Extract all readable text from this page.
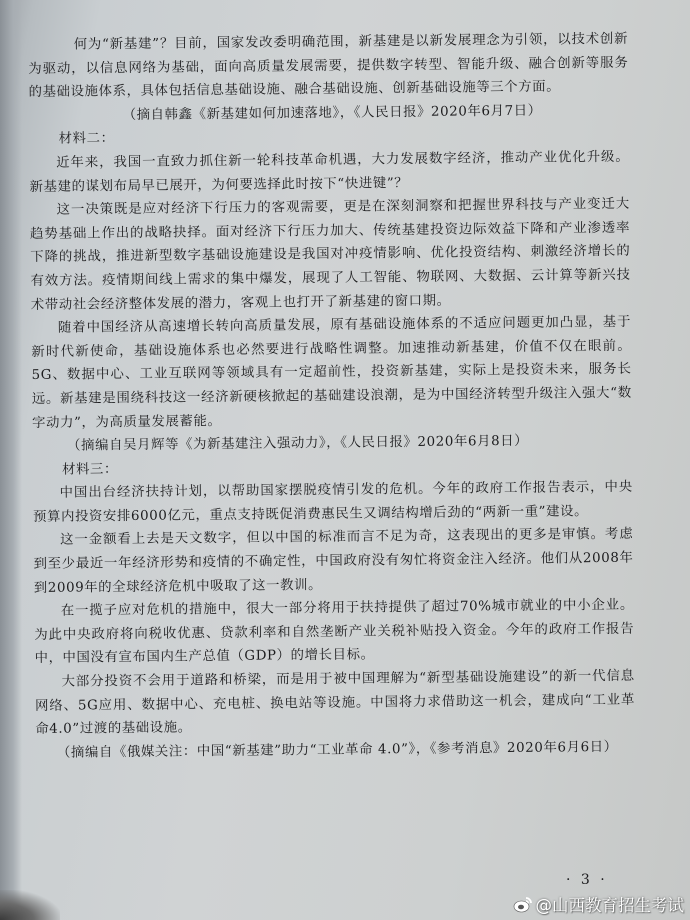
何为“新基建”？目前，国家发改委明确范围，新基建是以新发展理念为引领，以技术创新为驱动，以信息网络为基础，面向高质量发展需要，提供数字转型、智能升级、融合创新等服务的基础设施体系，具体包括信息基础设施、融合基础设施、创新基础设施等三个方面。

（摘自韩鑫《新基建如何加速落地》，《人民日报》2020年6月7日）

材料二：

近年来，我国一直致力抓住新一轮科技革命机遇，大力发展数字经济，推动产业优化升级。新基建的谋划布局早已展开，为何要选择此时按下“快进键”？

这一决策既是应对经济下行压力的客观需要，更是在深刻洞察和把握世界科技与产业变迁大趋势基础上作出的战略抉择。面对经济下行压力加大、传统基建投资边际效益下降和产业渗透率下降的挑战，推进新型数字基础设施建设是我国对冲疫情影响、优化投资结构、刺激经济增长的有效方法。疫情期间线上需求的集中爆发，展现了人工智能、物联网、大数据、云计算等新兴技术带动社会经济整体发展的潜力，客观上也打开了新基建的窗口期。

随着中国经济从高速增长转向高质量发展，原有基础设施体系的不适应问题更加凸显，基于新时代新使命，基础设施体系也必然要进行战略性调整。加速推动新基建，价值不仅在眼前。5G、数据中心、工业互联网等领域具有一定超前性，投资新基建，实际上是投资未来，服务长远。新基建是围绕科技这一经济新硬核掀起的基础建设浪潮，是为中国经济转型升级注入强大“数字动力”，为高质量发展蓄能。

（摘编自吴月辉等《为新基建注入强动力》，《人民日报》2020年6月8日）

材料三：

中国出台经济扶持计划，以帮助国家摆脱疫情引发的危机。今年的政府工作报告表示，中央预算内投资安排6000亿元，重点支持既促消费惠民生又调结构增后劲的“两新一重”建设。

这一金额看上去是天文数字，但以中国的标准而言不足为奇，这表现出的更多是审慎。考虑到至少最近一年经济形势和疫情的不确定性，中国政府没有匆忙将资金注入经济。他们从2008年到2009年的全球经济危机中吸取了这一教训。

在一揽子应对危机的措施中，很大一部分将用于扶持提供了超过70%城市就业的中小企业。为此中央政府将向税收优惠、贷款利率和自然垄断产业关税补贴投入资金。今年的政府工作报告中，中国没有宣布国内生产总值（GDP）的增长目标。

大部分投资不会用于道路和桥梁，而是用于被中国理解为“新型基础设施建设”的新一代信息网络、5G应用、数据中心、充电桩、换电站等设施。中国将力求借助这一机会，建成向“工业革命4.0”过渡的基础设施。

（摘编自《俄媒关注：中国“新基建”助力“工业革命 4.0”》，《参考消息》2020年6月6日）

· 3 ·
@山西教育招生考试
